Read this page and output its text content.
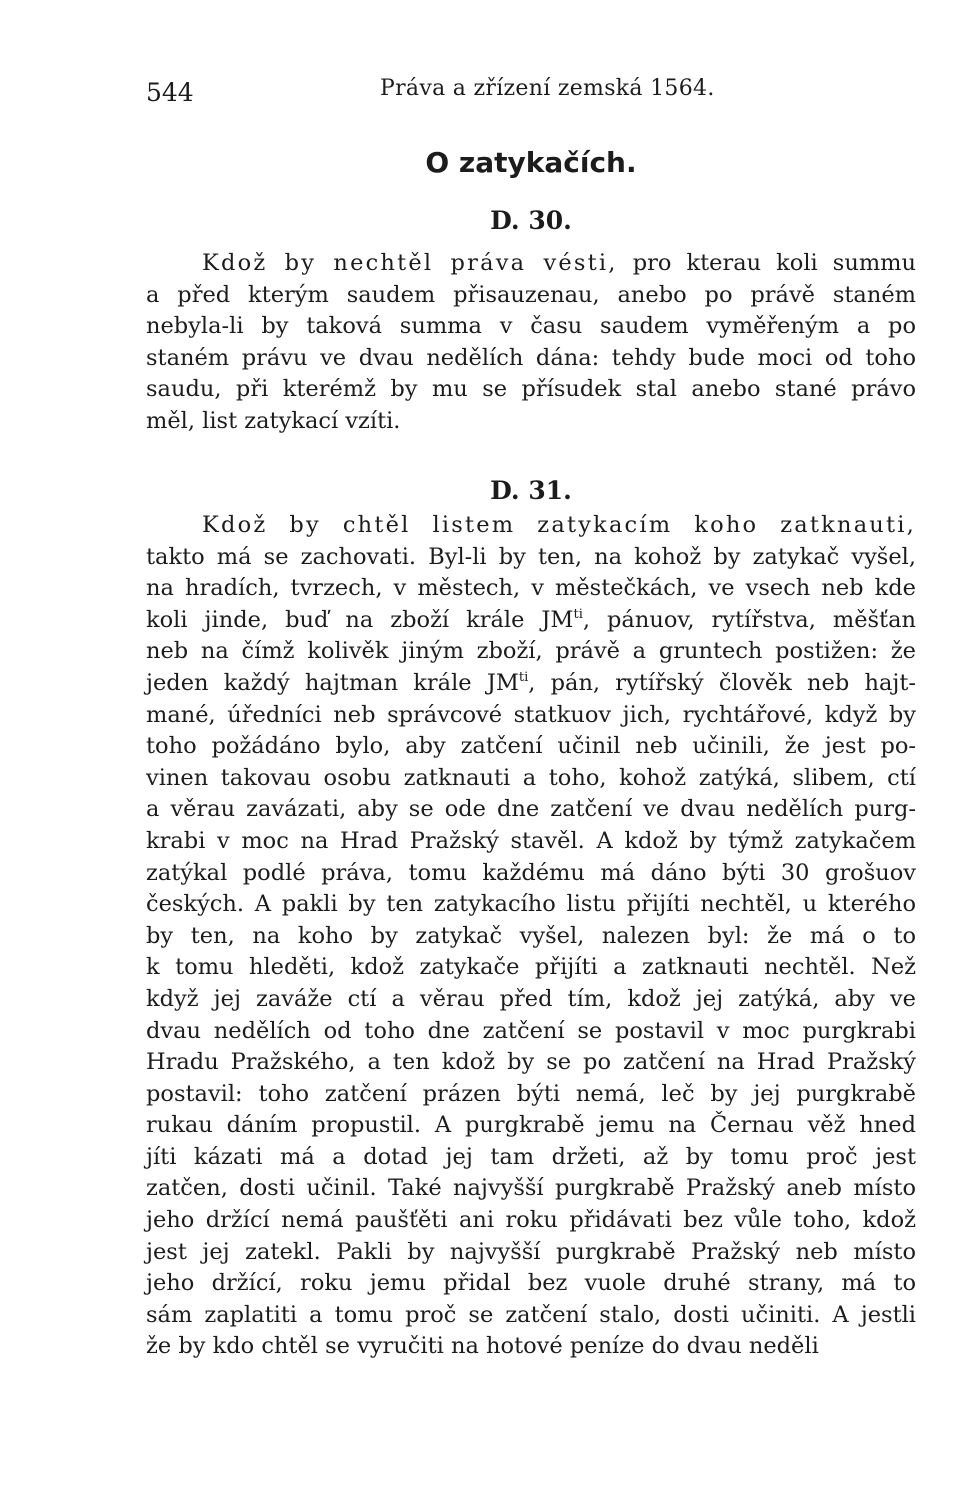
544	Práva a zřízení zemská 1564.
O zatykačích.
D. 30.
Kdož by nechtěl práva vésti, pro kterau koli summu
a před kterým saudem přisauzenau, anebo po právě staném
nebyla-li by taková summa v času saudem vyměřeným a po
staném právu ve dvau nedělích dána: tehdy bude moci od toho
saudu, při kterémž by mu se přísudek stal anebo stané právo
měl, list zatykací vzíti.
D. 31.
Kdož by chtěl listem zatykacím koho zatknauti,
takto má se zachovati. Byl-li by ten, na kohož by zatykač vyšel,
na hradích, tvrzech, v městech, v městečkách, ve vsech neb kde
koli jinde, buď na zboží krále $JM^{ti}$, pánuov, rytířstva, měšťan
neb na čímž kolivěk jiným zboží, právě a gruntech postižen: že
jeden každý hajtman krále $JM^{ti}$, pán, rytířský člověk neb hajt-
mané, úředníci neb správcové statkuov jich, rychtářové, když by
toho požádáno bylo, aby zatčení učinil neb učinili, že jest po-
vinen takovau osobu zatknauti a toho, kohož zatýká, slibem, ctí
a věrau zavázati, aby se ode dne zatčení ve dvau nedělích purg-
krabi v moc na Hrad Pražský stavěl. A kdož by týmž zatykačem
zatýkal podlé práva, tomu každému má dáno býti 30 grošuov
českých. A pakli by ten zatykacího listu přijíti nechtěl, u kterého
by ten, na koho by zatykač vyšel, nalezen byl: že má o to
k tomu hleděti, kdož zatykače přijíti a zatknauti nechtěl. Než
když jej zaváže ctí a věrau před tím, kdož jej zatýká, aby ve
dvau nedělích od toho dne zatčení se postavil v moc purgkrabi
Hradu Pražského, a ten kdož by se po zatčení na Hrad Pražský
postavil: toho zatčení prázen býti nemá, leč by jej purgkrabě
rukau dáním propustil. A purgkrabě jemu na Černau věž hned
jíti kázati má a dotad jej tam držeti, až by tomu proč jest
zatčen, dosti učinil. Také najvyšší purgkrabě Pražský aneb místo
jeho držící nemá paušťěti ani roku přidávati bez vůle toho, kdož
jest jej zatekl. Pakli by najvyšší purgkrabě Pražský neb místo
jeho držící, roku jemu přidal bez vuole druhé strany, má to
sám zaplatiti a tomu proč se zatčení stalo, dosti učiniti. A jestli
že by kdo chtěl se vyručiti na hotové peníze do dvau neděli
